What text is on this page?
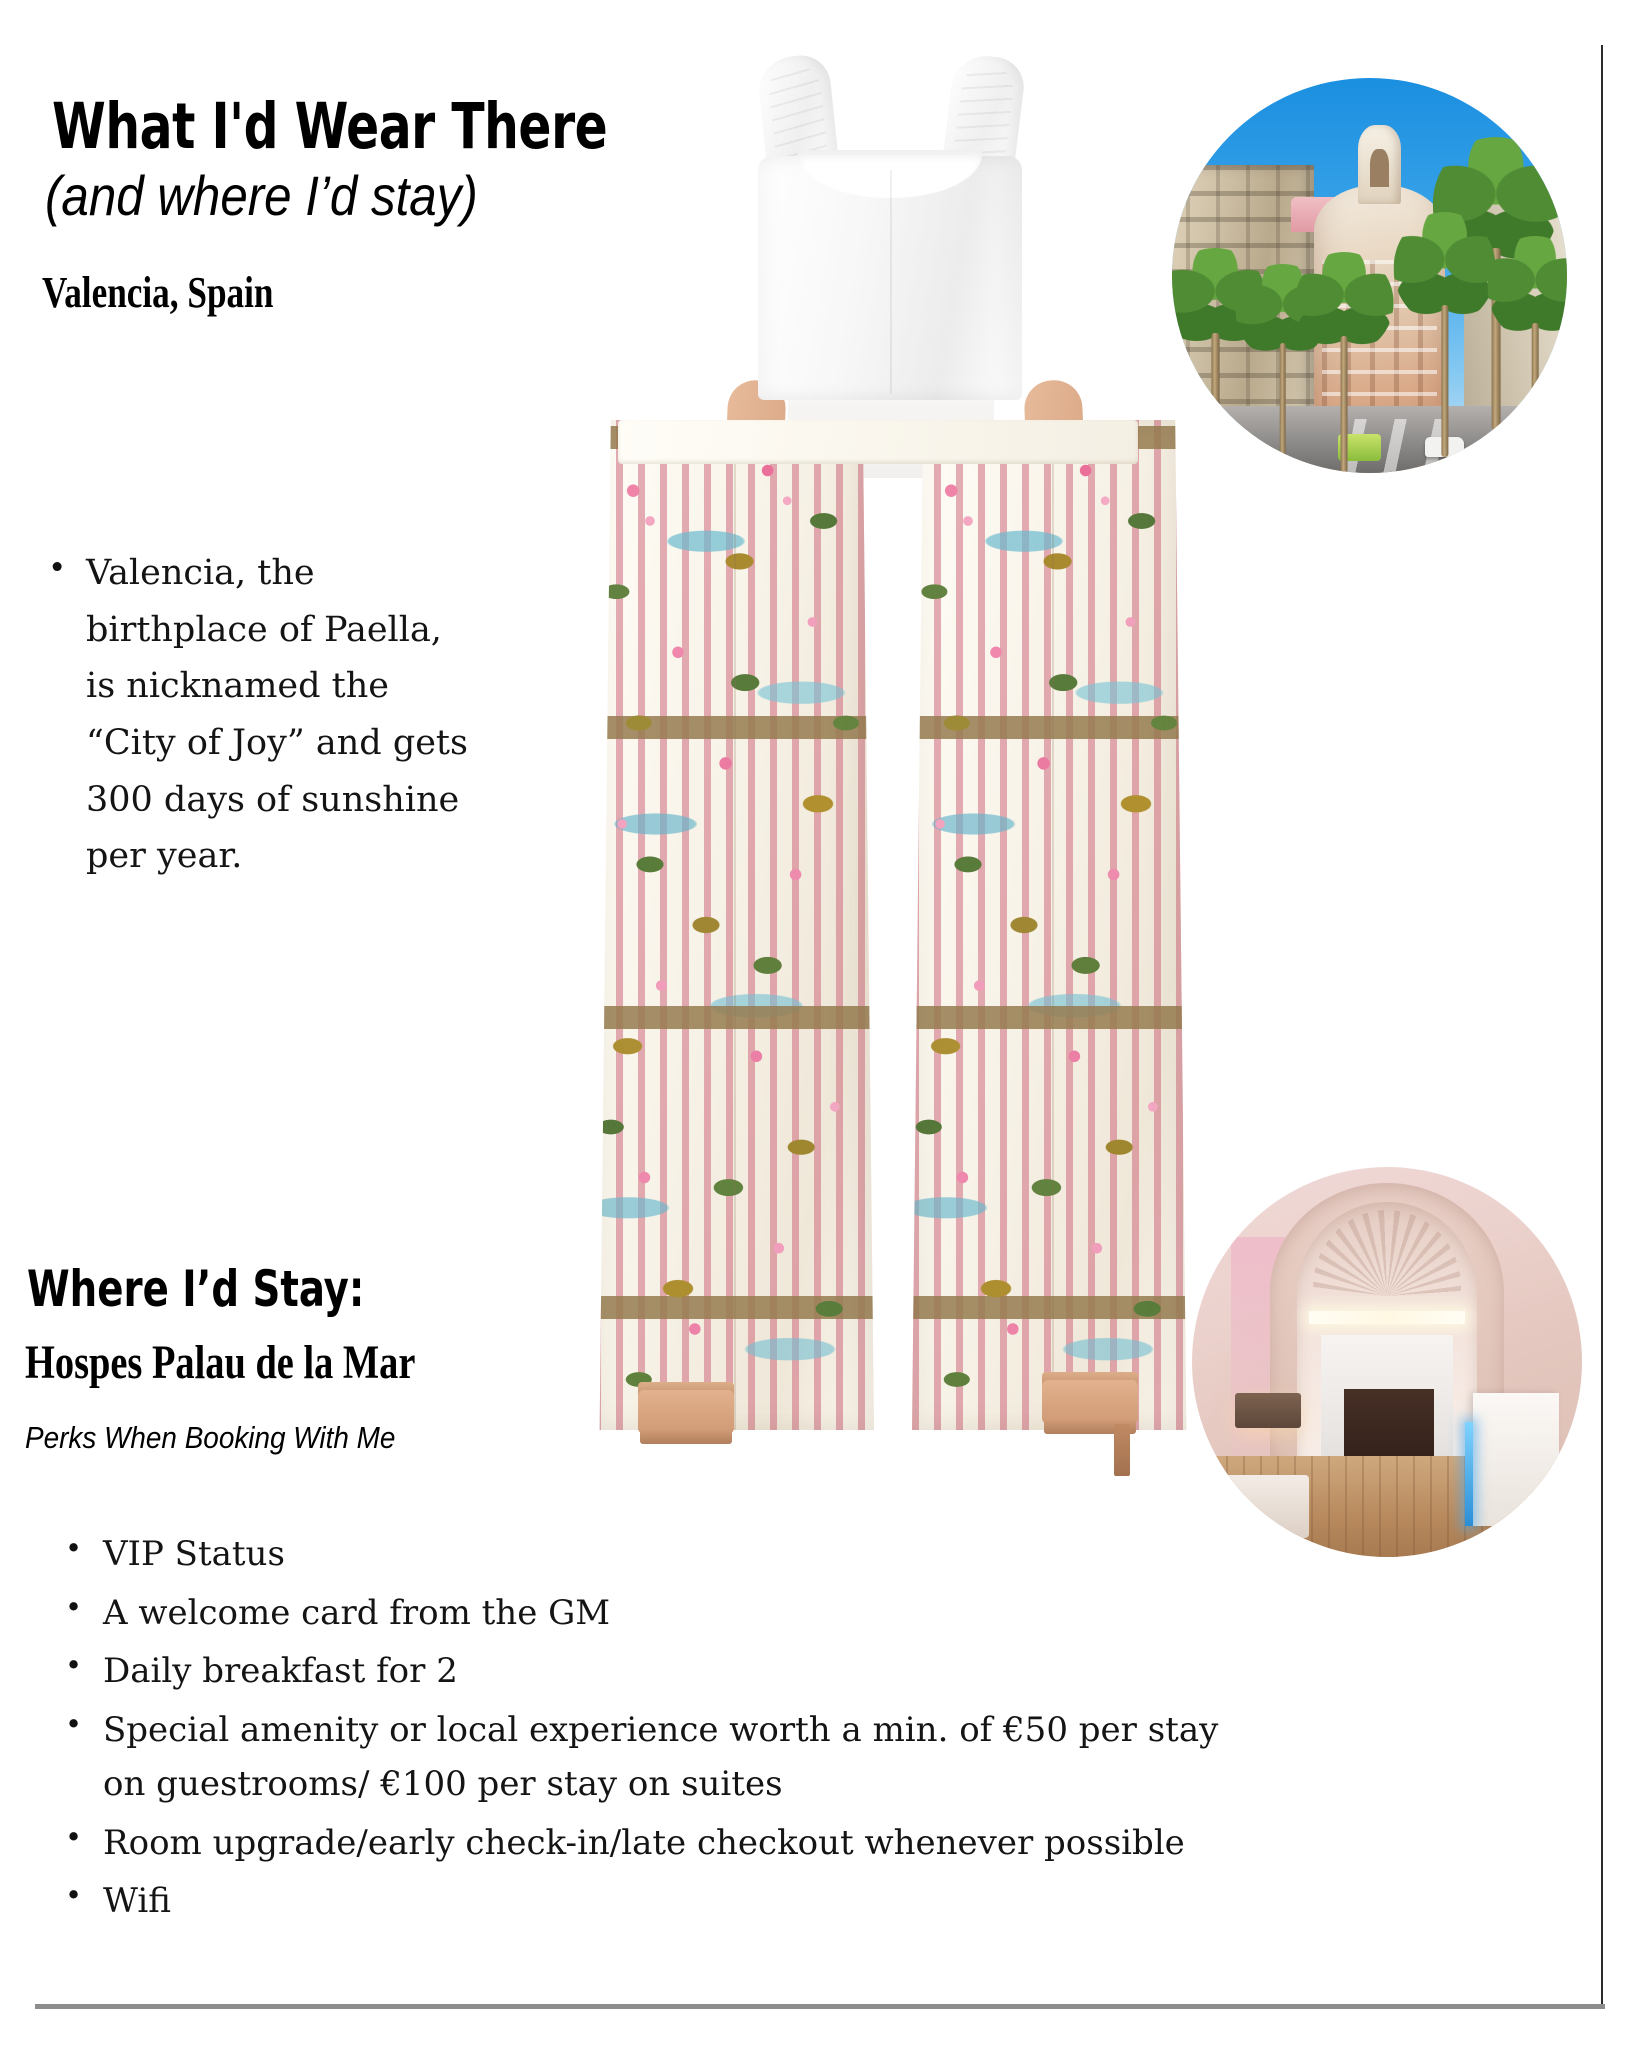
What I'd Wear There
(and where I’d stay)
Valencia, Spain
• Valencia, the birthplace of Paella, is nicknamed the “City of Joy” and gets 300 days of sunshine per year.
Where I’d Stay:
Hospes Palau de la Mar
Perks When Booking With Me
• VIP Status
• A welcome card from the GM
• Daily breakfast for 2
• Special amenity or local experience worth a min. of €50 per stay
on guestrooms/ €100 per stay on suites
• Room upgrade/early check-in/late checkout whenever possible
• Wifi
